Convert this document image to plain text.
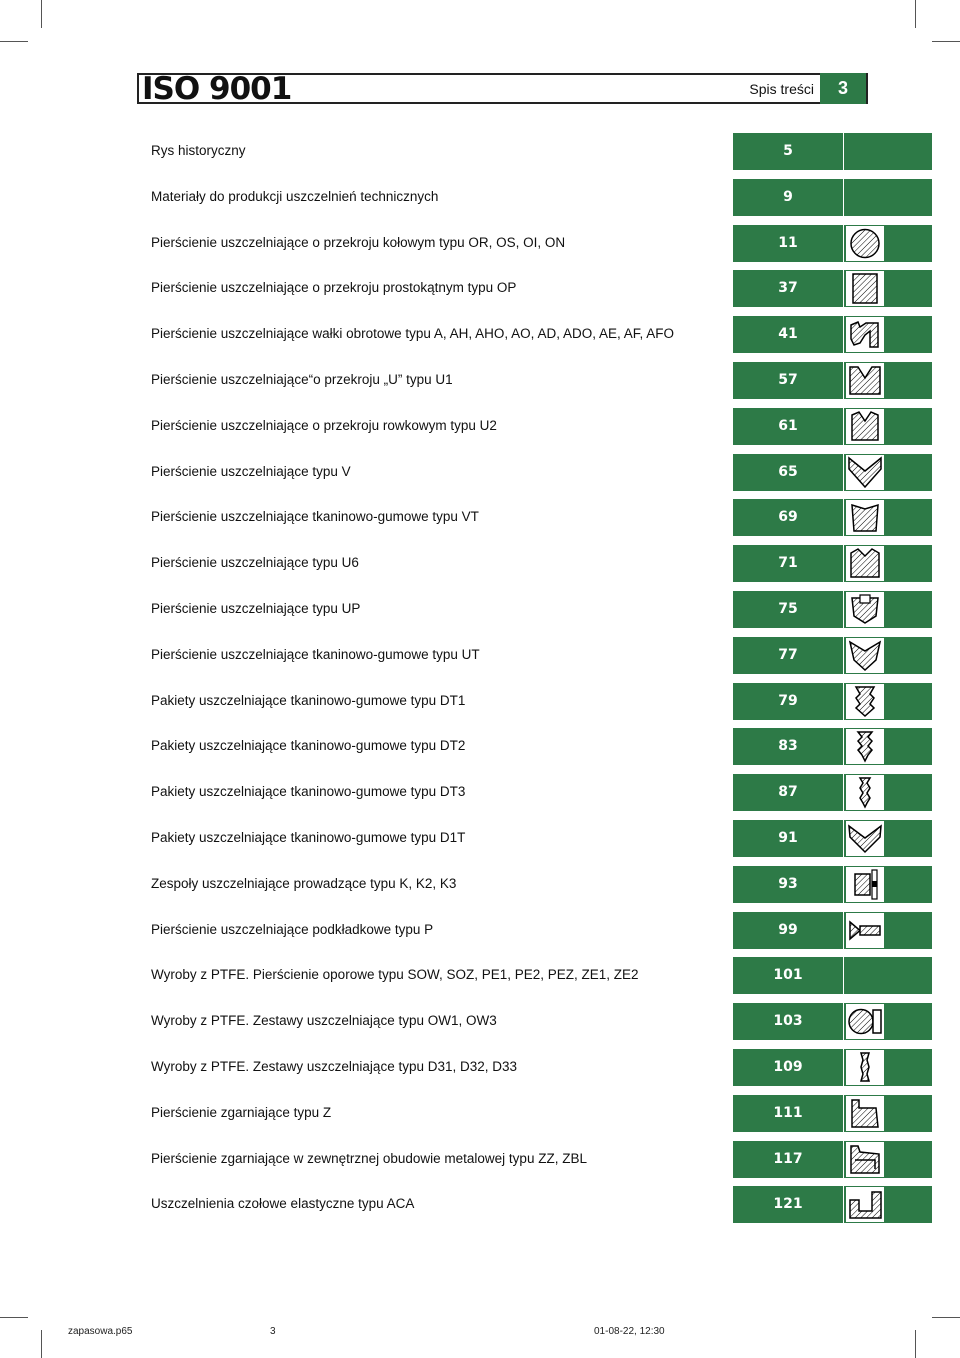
ISO 9001	Spis treści	3
Rys historyczny	5
Materiały do produkcji uszczelnień technicznych	9
Pierścienie uszczelniające o przekroju kołowym typu OR, OS, OI, ON	11
Pierścienie uszczelniające o przekroju prostokątnym typu OP	37
Pierścienie uszczelniające wałki obrotowe typu A, AH, AHO, AO, AD, ADO, AE, AF, AFO	41
Pierścienie uszczelniające“o przekroju „U” typu U1	57
Pierścienie uszczelniające o przekroju rowkowym typu U2	61
Pierścienie uszczelniające typu V	65
Pierścienie uszczelniające tkaninowo-gumowe typu VT	69
Pierścienie uszczelniające typu U6	71
Pierścienie uszczelniające typu UP	75
Pierścienie uszczelniające tkaninowo-gumowe typu UT	77
Pakiety uszczelniające tkaninowo-gumowe typu DT1	79
Pakiety uszczelniające tkaninowo-gumowe typu DT2	83
Pakiety uszczelniające tkaninowo-gumowe typu DT3	87
Pakiety uszczelniające tkaninowo-gumowe typu D1T	91
Zespoły uszczelniające prowadzące typu K, K2, K3	93
Pierścienie uszczelniające podkładkowe typu P	99
Wyroby z PTFE. Pierścienie oporowe typu SOW, SOZ, PE1, PE2, PEZ, ZE1, ZE2	101
Wyroby z PTFE. Zestawy uszczelniające typu OW1, OW3	103
Wyroby z PTFE. Zestawy uszczelniające typu D31, D32, D33	109
Pierścienie zgarniające typu Z	111
Pierścienie zgarniające w zewnętrznej obudowie metalowej typu ZZ, ZBL	117
Uszczelnienia czołowe elastyczne typu ACA	121
zapasowa.p65	3	01-08-22, 12:30
